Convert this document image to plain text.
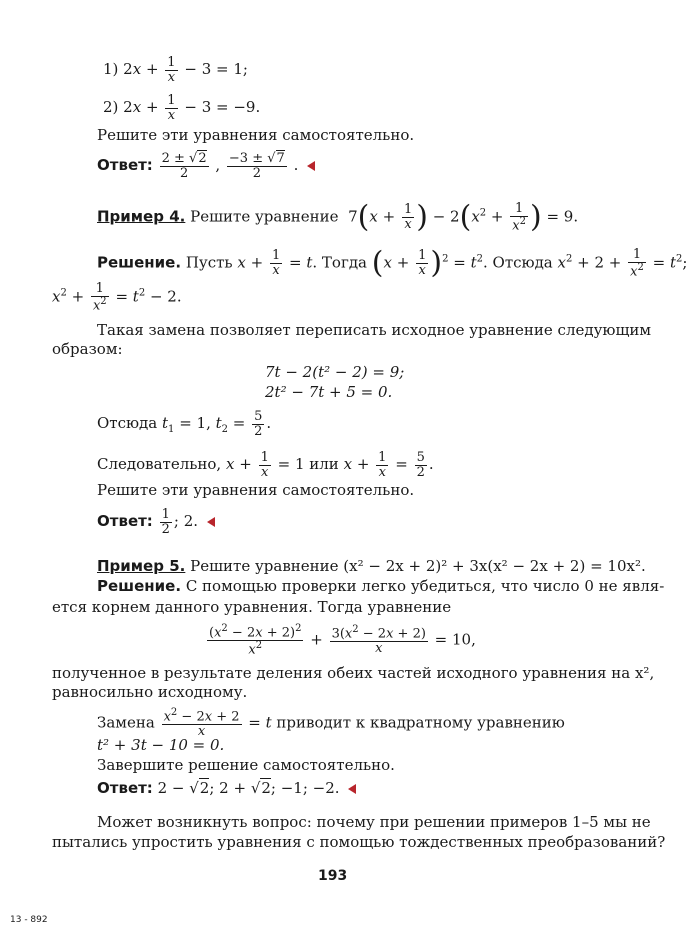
1) $2x + \frac{1}{x} - 3 = 1$;
2) $2x + \frac{1}{x} - 3 = -9$.
Решите эти уравнения самостоятельно.
Ответ: $\frac{2 \pm √2}{2}$ , $\frac{-3 \pm √7}{2}$ .
Пример 4. Решите уравнение  $7(x + \frac{1}{x}$ ) − $2(x^2 + \frac{1}{x^2}$ ) = 9.
Решение. Пусть $x + \frac{1}{x} = t$. Тогда $(x + \frac{1}{x} )^2 = t^2$. Отсюда $x^2 + 2 + \frac{1}{x^2} = t^2$;
$x^2 + \frac{1}{x^2} = t^2 - 2$.
Такая замена позволяет переписать исходное уравнение следующим
образом:
7t − 2(t² − 2) = 9;
2t² − 7t + 5 = 0.
Отсюда $t_1 = 1$, $t_2 = \frac{5}{2}$ .
Следовательно, $x + \frac{1}{x} = 1$ или $x + \frac{1}{x} = \frac{5}{2}$ .
Решите эти уравнения самостоятельно.
Ответ: $\frac{1}{2}$ ; 2.
Пример 5. Решите уравнение (x² − 2x + 2)² + 3x(x² − 2x + 2) = 10x².
Решение. С помощью проверки легко убедиться, что число 0 не явля-
ется корнем данного уравнения. Тогда уравнение
$\frac{(x^2 - 2x + 2)^2}{x^2} + \frac{3(x^2 - 2x + 2)}{x} = 10$,
полученное в результате деления обеих частей исходного уравнения на x²,
равносильно исходному.
Замена $\frac{x^2 - 2x + 2}{x} = t$ приводит к квадратному уравнению
t² + 3t − 10 = 0.
Завершите решение самостоятельно.
Ответ: 2 − √2; 2 + √2; −1; −2.
Может возникнуть вопрос: почему при решении примеров 1–5 мы не
пытались упростить уравнения с помощью тождественных преобразований?
193
13 - 892
